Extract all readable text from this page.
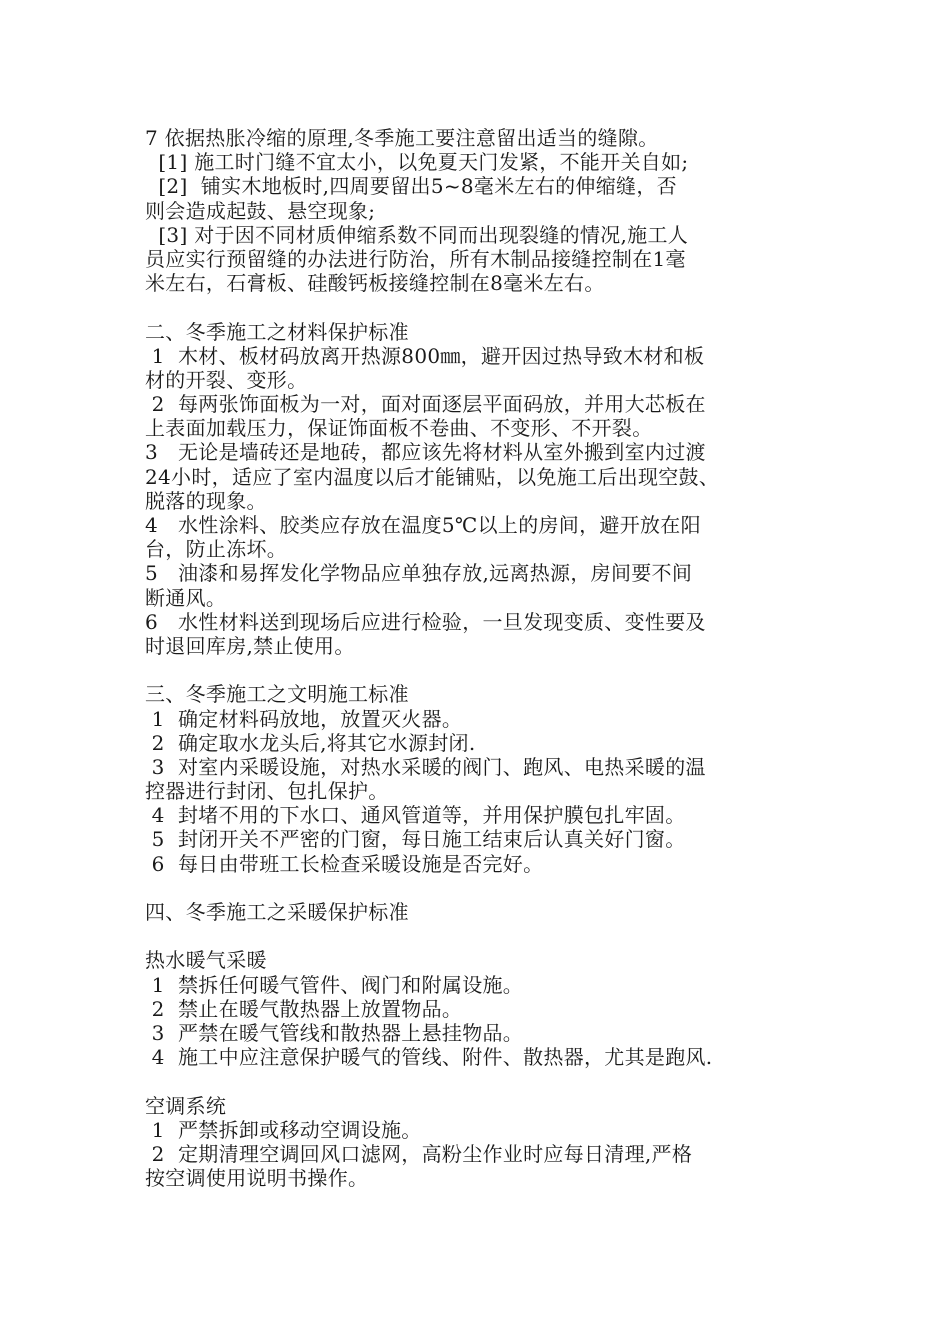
7 依据热胀冷缩的原理,冬季施工要注意留出适当的缝隙。
[1] 施工时门缝不宜太小，以免夏天门发紧，不能开关自如;
[2]  铺实木地板时,四周要留出5~8毫米左右的伸缩缝，否
则会造成起鼓、悬空现象;
[3] 对于因不同材质伸缩系数不同而出现裂缝的情况,施工人
员应实行预留缝的办法进行防治，所有木制品接缝控制在1毫
米左右，石膏板、硅酸钙板接缝控制在8毫米左右。
二、冬季施工之材料保护标准
1  木材、板材码放离开热源800㎜，避开因过热导致木材和板
材的开裂、变形。
2  每两张饰面板为一对，面对面逐层平面码放，并用大芯板在
上表面加载压力，保证饰面板不卷曲、不变形、不开裂。
3   无论是墙砖还是地砖，都应该先将材料从室外搬到室内过渡
24小时，适应了室内温度以后才能铺贴，以免施工后出现空鼓、
脱落的现象。
4   水性涂料、胶类应存放在温度5℃以上的房间，避开放在阳
台，防止冻坏。
5   油漆和易挥发化学物品应单独存放,远离热源，房间要不间
断通风。
6   水性材料送到现场后应进行检验，一旦发现变质、变性要及
时退回库房,禁止使用。
三、冬季施工之文明施工标准
1  确定材料码放地，放置灭火器。
2  确定取水龙头后,将其它水源封闭.
3  对室内采暖设施，对热水采暖的阀门、跑风、电热采暖的温
控器进行封闭、包扎保护。
4  封堵不用的下水口、通风管道等，并用保护膜包扎牢固。
5  封闭开关不严密的门窗，每日施工结束后认真关好门窗。
6  每日由带班工长检查采暖设施是否完好。
四、冬季施工之采暖保护标准
热水暖气采暖
1  禁拆任何暖气管件、阀门和附属设施。
2  禁止在暖气散热器上放置物品。
3  严禁在暖气管线和散热器上悬挂物品。
4  施工中应注意保护暖气的管线、附件、散热器，尤其是跑风.
空调系统
1  严禁拆卸或移动空调设施。
2  定期清理空调回风口滤网，高粉尘作业时应每日清理,严格
按空调使用说明书操作。
